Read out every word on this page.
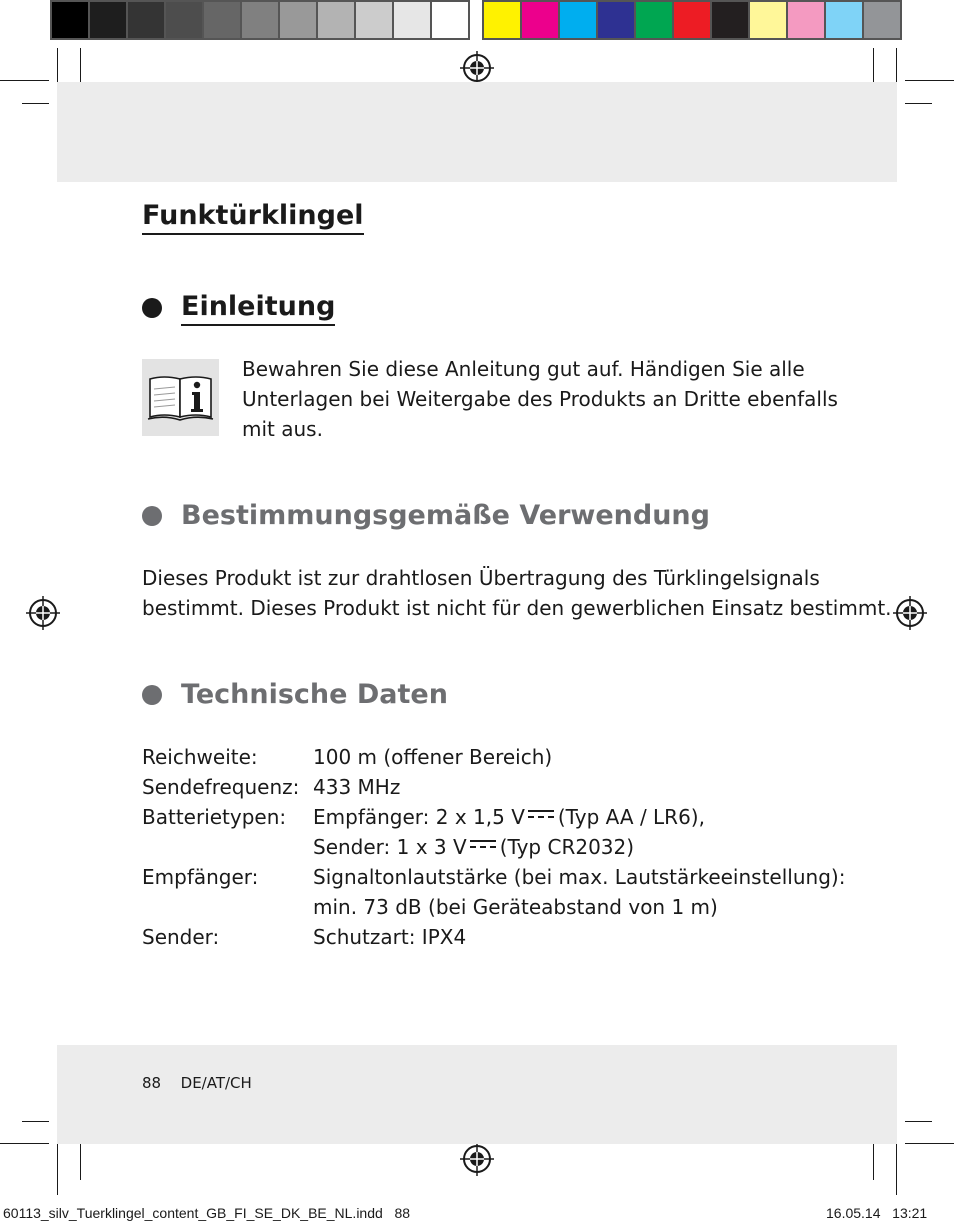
Funktürklingel
Einleitung
Bewahren Sie diese Anleitung gut auf. Händigen Sie alle
Unterlagen bei Weitergabe des Produkts an Dritte ebenfalls
mit aus.
Bestimmungsgemäße Verwendung
Dieses Produkt ist zur drahtlosen Übertragung des Türklingelsignals
bestimmt. Dieses Produkt ist nicht für den gewerblichen Einsatz bestimmt.
Technische Daten
Reichweite:	100 m (offener Bereich)
Sendefrequenz: 433 MHz
Batterietypen:	Empfänger: 2 x 1,5 V (Typ AA / LR6),
Sender: 1 x 3 V (Typ CR2032)
Empfänger:	Signaltonlautstärke (bei max. Lautstärkeeinstellung):
min. 73 dB (bei Geräteabstand von 1 m)
Sender:	Schutzart: IPX4
88 DE/AT/CH
60113_silv_Tuerklingel_content_GB_FI_SE_DK_BE_NL.indd   88	16.05.14   13:21
